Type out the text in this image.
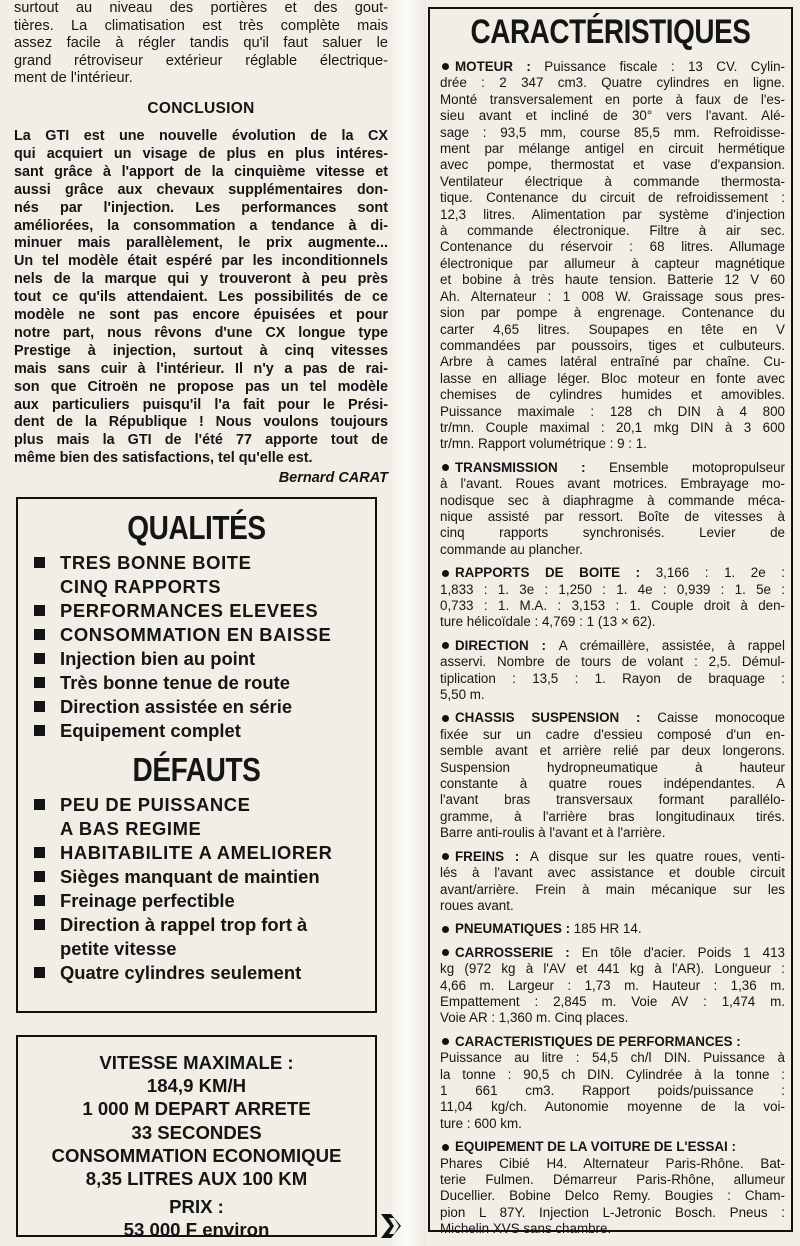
surtout au niveau des portières et des gout-
tières. La climatisation est très complète mais
assez facile à régler tandis qu'il faut saluer le
grand rétroviseur extérieur réglable électrique-
ment de l'intérieur.
CONCLUSION
La GTI est une nouvelle évolution de la CX
qui acquiert un visage de plus en plus intéres-
sant grâce à l'apport de la cinquième vitesse et
aussi grâce aux chevaux supplémentaires don-
nés par l'injection. Les performances sont
améliorées, la consommation a tendance à di-
minuer mais parallèlement, le prix augmente...
Un tel modèle était espéré par les inconditionnels
nels de la marque qui y trouveront à peu près
tout ce qu'ils attendaient. Les possibilités de ce
modèle ne sont pas encore épuisées et pour
notre part, nous rêvons d'une CX longue type
Prestige à injection, surtout à cinq vitesses
mais sans cuir à l'intérieur. Il n'y a pas de rai-
son que Citroën ne propose pas un tel modèle
aux particuliers puisqu'il l'a fait pour le Prési-
dent de la République ! Nous voulons toujours
plus mais la GTI de l'été 77 apporte tout de
même bien des satisfactions, tel qu'elle est.
Bernard CARAT
QUALITÉS
TRES BONNE BOITE
CINQ RAPPORTS
PERFORMANCES ELEVEES
CONSOMMATION EN BAISSE
Injection bien au point
Très bonne tenue de route
Direction assistée en série
Equipement complet
DÉFAUTS
PEU DE PUISSANCE
A BAS REGIME
HABITABILITE A AMELIORER
Sièges manquant de maintien
Freinage perfectible
Direction à rappel trop fort à
petite vitesse
Quatre cylindres seulement
VITESSE MAXIMALE :
184,9 KM/H
1 000 M DEPART ARRETE
33 SECONDES
CONSOMMATION ECONOMIQUE
8,35 LITRES AUX 100 KM
PRIX :
53 000 F environ
CARACTÉRISTIQUES
MOTEUR : Puissance fiscale : 13 CV. Cylin-
drée : 2 347 cm3. Quatre cylindres en ligne.
Monté transversalement en porte à faux de l'es-
sieu avant et incliné de 30° vers l'avant. Alé-
sage : 93,5 mm, course 85,5 mm. Refroidisse-
ment par mélange antigel en circuit hermétique
avec pompe, thermostat et vase d'expansion.
Ventilateur électrique à commande thermosta-
tique. Contenance du circuit de refroidissement :
12,3 litres. Alimentation par système d'injection
à commande électronique. Filtre à air sec.
Contenance du réservoir : 68 litres. Allumage
électronique par allumeur à capteur magnétique
et bobine à très haute tension. Batterie 12 V 60
Ah. Alternateur : 1 008 W. Graissage sous pres-
sion par pompe à engrenage. Contenance du
carter 4,65 litres. Soupapes en tête en V
commandées par poussoirs, tiges et culbuteurs.
Arbre à cames latéral entraîné par chaîne. Cu-
lasse en alliage léger. Bloc moteur en fonte avec
chemises de cylindres humides et amovibles.
Puissance maximale : 128 ch DIN à 4 800
tr/mn. Couple maximal : 20,1 mkg DIN à 3 600
tr/mn. Rapport volumétrique : 9 : 1.
TRANSMISSION : Ensemble motopropulseur
à l'avant. Roues avant motrices. Embrayage mo-
nodisque sec à diaphragme à commande méca-
nique assisté par ressort. Boîte de vitesses à
cinq rapports synchronisés. Levier de
commande au plancher.
RAPPORTS DE BOITE : 3,166 : 1. 2e :
1,833 : 1. 3e : 1,250 : 1. 4e : 0,939 : 1. 5e :
0,733 : 1. M.A. : 3,153 : 1. Couple droit à den-
ture hélicoïdale : 4,769 : 1 (13 × 62).
DIRECTION : A crémaillère, assistée, à rappel
asservi. Nombre de tours de volant : 2,5. Démul-
tiplication : 13,5 : 1. Rayon de braquage :
5,50 m.
CHASSIS SUSPENSION : Caisse monocoque
fixée sur un cadre d'essieu composé d'un en-
semble avant et arrière relié par deux longerons.
Suspension hydropneumatique à hauteur
constante à quatre roues indépendantes. A
l'avant bras transversaux formant parallélo-
gramme, à l'arrière bras longitudinaux tirés.
Barre anti-roulis à l'avant et à l'arrière.
FREINS : A disque sur les quatre roues, venti-
lés à l'avant avec assistance et double circuit
avant/arrière. Frein à main mécanique sur les
roues avant.
PNEUMATIQUES : 185 HR 14.
CARROSSERIE : En tôle d'acier. Poids 1 413
kg (972 kg à l'AV et 441 kg à l'AR). Longueur :
4,66 m. Largeur : 1,73 m. Hauteur : 1,36 m.
Empattement : 2,845 m. Voie AV : 1,474 m.
Voie AR : 1,360 m. Cinq places.
CARACTERISTIQUES DE PERFORMANCES :
Puissance au litre : 54,5 ch/l DIN. Puissance à
la tonne : 90,5 ch DIN. Cylindrée à la tonne :
1 661 cm3. Rapport poids/puissance :
11,04 kg/ch. Autonomie moyenne de la voi-
ture : 600 km.
EQUIPEMENT DE LA VOITURE DE L'ESSAI :
Phares Cibié H4. Alternateur Paris-Rhône. Bat-
terie Fulmen. Démarreur Paris-Rhône, allumeur
Ducellier. Bobine Delco Remy. Bougies : Cham-
pion L 87Y. Injection L-Jetronic Bosch. Pneus :
Michelin XVS sans chambre.
